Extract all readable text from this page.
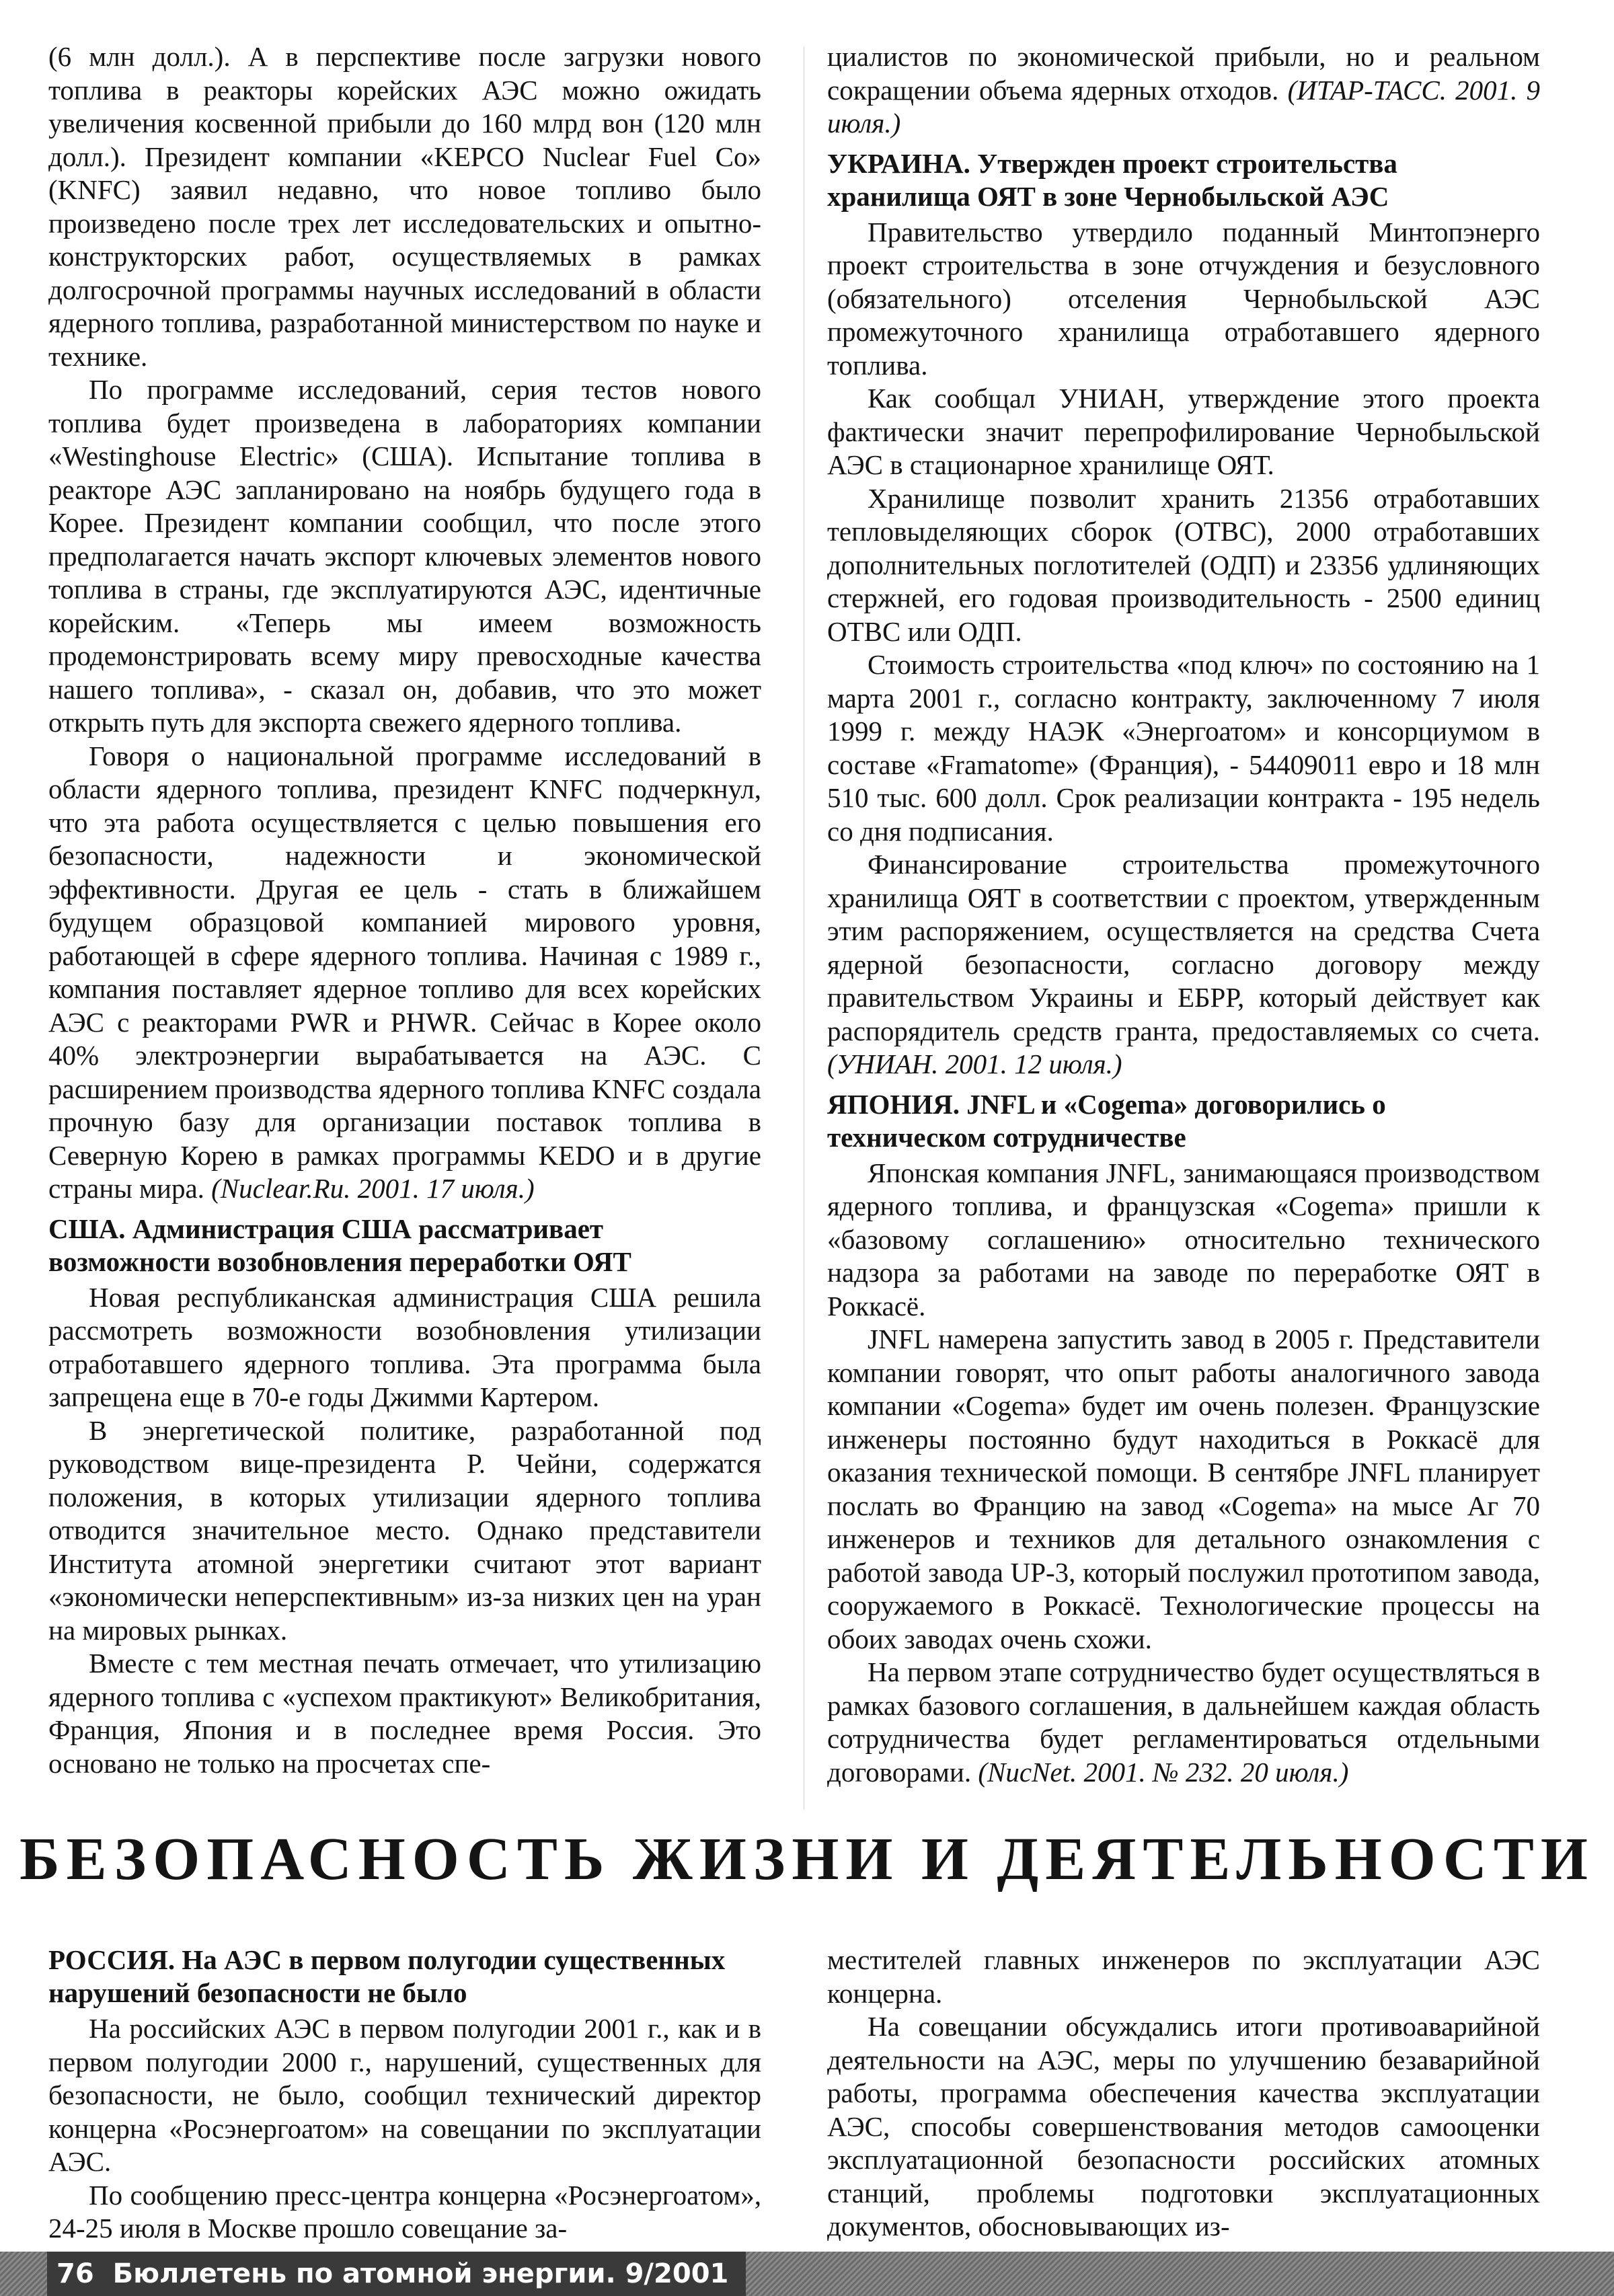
(6 млн долл.). А в перспективе после загрузки нового топлива в реакторы корейских АЭС можно ожидать увеличения косвенной прибыли до 160 млрд вон (120 млн долл.). Президент компании «KEPCO Nuclear Fuel Co» (KNFC) заявил недавно, что новое топливо было произведено после трех лет исследовательских и опытно-конструкторских работ, осуществляемых в рамках долгосрочной программы научных исследований в области ядерного топлива, разработанной министерством по науке и технике.

По программе исследований, серия тестов нового топлива будет произведена в лабораториях компании «Westinghouse Electric» (США). Испытание топлива в реакторе АЭС запланировано на ноябрь будущего года в Корее. Президент компании сообщил, что после этого предполагается начать экспорт ключевых элементов нового топлива в страны, где эксплуатируются АЭС, идентичные корейским. «Теперь мы имеем возможность продемонстрировать всему миру превосходные качества нашего топлива», - сказал он, добавив, что это может открыть путь для экспорта свежего ядерного топлива.

Говоря о национальной программе исследований в области ядерного топлива, президент KNFC подчеркнул, что эта работа осуществляется с целью повышения его безопасности, надежности и экономической эффективности. Другая ее цель - стать в ближайшем будущем образцовой компанией мирового уровня, работающей в сфере ядерного топлива. Начиная с 1989 г., компания поставляет ядерное топливо для всех корейских АЭС с реакторами PWR и PHWR. Сейчас в Корее около 40% электроэнергии вырабатывается на АЭС. С расширением производства ядерного топлива KNFC создала прочную базу для организации поставок топлива в Северную Корею в рамках программы KEDO и в другие страны мира. (Nuclear.Ru. 2001. 17 июля.)

США. Администрация США рассматривает возможности возобновления переработки ОЯТ

Новая республиканская администрация США решила рассмотреть возможности возобновления утилизации отработавшего ядерного топлива. Эта программа была запрещена еще в 70-е годы Джимми Картером.

В энергетической политике, разработанной под руководством вице-президента Р. Чейни, содержатся положения, в которых утилизации ядерного топлива отводится значительное место. Однако представители Института атомной энергетики считают этот вариант «экономически неперспективным» из-за низких цен на уран на мировых рынках.

Вместе с тем местная печать отмечает, что утилизацию ядерного топлива с «успехом практикуют» Великобритания, Франция, Япония и в последнее время Россия. Это основано не только на просчетах спе-

циалистов по экономической прибыли, но и реальном сокращении объема ядерных отходов. (ИТАР-ТАСС. 2001. 9 июля.)

УКРАИНА. Утвержден проект строительства хранилища ОЯТ в зоне Чернобыльской АЭС

Правительство утвердило поданный Минтопэнерго проект строительства в зоне отчуждения и безусловного (обязательного) отселения Чернобыльской АЭС промежуточного хранилища отработавшего ядерного топлива.

Как сообщал УНИАН, утверждение этого проекта фактически значит перепрофилирование Чернобыльской АЭС в стационарное хранилище ОЯТ.

Хранилище позволит хранить 21356 отработавших тепловыделяющих сборок (ОТВС), 2000 отработавших дополнительных поглотителей (ОДП) и 23356 удлиняющих стержней, его годовая производительность - 2500 единиц ОТВС или ОДП.

Стоимость строительства «под ключ» по состоянию на 1 марта 2001 г., согласно контракту, заключенному 7 июля 1999 г. между НАЭК «Энергоатом» и консорциумом в составе «Framatome» (Франция), - 54409011 евро и 18 млн 510 тыс. 600 долл. Срок реализации контракта - 195 недель со дня подписания.

Финансирование строительства промежуточного хранилища ОЯТ в соответствии с проектом, утвержденным этим распоряжением, осуществляется на средства Счета ядерной безопасности, согласно договору между правительством Украины и ЕБРР, который действует как распорядитель средств гранта, предоставляемых со счета. (УНИАН. 2001. 12 июля.)

ЯПОНИЯ. JNFL и «Cogema» договорились о техническом сотрудничестве

Японская компания JNFL, занимающаяся производством ядерного топлива, и французская «Cogema» пришли к «базовому соглашению» относительно технического надзора за работами на заводе по переработке ОЯТ в Роккасё.

JNFL намерена запустить завод в 2005 г. Представители компании говорят, что опыт работы аналогичного завода компании «Cogema» будет им очень полезен. Французские инженеры постоянно будут находиться в Роккасё для оказания технической помощи. В сентябре JNFL планирует послать во Францию на завод «Cogema» на мысе Аг 70 инженеров и техников для детального ознакомления с работой завода UP-3, который послужил прототипом завода, сооружаемого в Роккасё. Технологические процессы на обоих заводах очень схожи.

На первом этапе сотрудничество будет осуществляться в рамках базового соглашения, в дальнейшем каждая область сотрудничества будет регламентироваться отдельными договорами. (NucNet. 2001. № 232. 20 июля.)

БЕЗОПАСНОСТЬ ЖИЗНИ И ДЕЯТЕЛЬНОСТИ
РОССИЯ. На АЭС в первом полугодии существенных нарушений безопасности не было

На российских АЭС в первом полугодии 2001 г., как и в первом полугодии 2000 г., нарушений, существенных для безопасности, не было, сообщил технический директор концерна «Росэнергоатом» на совещании по эксплуатации АЭС.

По сообщению пресс-центра концерна «Росэнергоатом», 24-25 июля в Москве прошло совещание за-

местителей главных инженеров по эксплуатации АЭС концерна.

На совещании обсуждались итоги противоаварийной деятельности на АЭС, меры по улучшению безаварийной работы, программа обеспечения качества эксплуатации АЭС, способы совершенствования методов самооценки эксплуатационной безопасности российских атомных станций, проблемы подготовки эксплуатационных документов, обосновывающих из-

76 Бюллетень по атомной энергии. 9/2001
